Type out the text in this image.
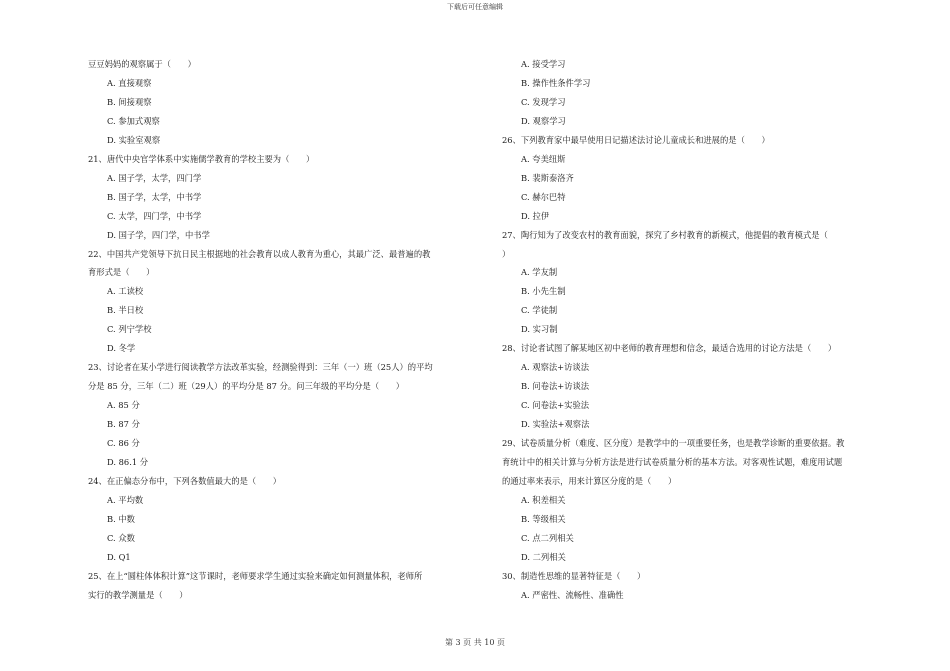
下载后可任意编辑
豆豆妈妈的观察属于（　　）
A. 直接观察
B. 间接观察
C. 参加式观察
D. 实验室观察
21、唐代中央官学体系中实施儒学教育的学校主要为（　　）
A. 国子学，太学，四门学
B. 国子学，太学，中书学
C. 太学，四门学，中书学
D. 国子学，四门学，中书学
22、中国共产党领导下抗日民主根据地的社会教育以成人教育为重心，其最广泛、最普遍的教
育形式是（　　）
A. 工读校
B. 半日校
C. 列宁学校
D. 冬学
23、讨论者在某小学进行阅读教学方法改革实验，经测验得到：三年（一）班（25人）的平均
分是 85 分，三年（二）班（29人）的平均分是 87 分。问三年级的平均分是（　　）
A. 85 分
B. 87 分
C. 86 分
D. 86.1 分
24、在正偏态分布中，下列各数值最大的是（　　）
A. 平均数
B. 中数
C. 众数
D. Q1
25、在上“圆柱体体积计算”这节课时，老师要求学生通过实验来确定如何测量体积，老师所
实行的教学测量是（　　）
A. 接受学习
B. 操作性条件学习
C. 发现学习
D. 观察学习
26、下列教育家中最早使用日记描述法讨论儿童成长和进展的是（　　）
A. 夸美纽斯
B. 裴斯泰洛齐
C. 赫尔巴特
D. 拉伊
27、陶行知为了改变农村的教育面貌，探究了乡村教育的新模式，他提倡的教育模式是（
）
A. 学友制
B. 小先生制
C. 学徒制
D. 实习制
28、讨论者试图了解某地区初中老师的教育理想和信念，最适合选用的讨论方法是（　　）
A. 观察法+访谈法
B. 问卷法+访谈法
C. 问卷法+实验法
D. 实验法+观察法
29、试卷质量分析（难度、区分度）是教学中的一项重要任务，也是教学诊断的重要依据。教
育统计中的相关计算与分析方法是进行试卷质量分析的基本方法。对客观性试题，难度用试题
的通过率来表示，用来计算区分度的是（　　）
A. 积差相关
B. 等级相关
C. 点二列相关
D. 二列相关
30、制造性思维的显著特征是（　　）
A. 严密性、流畅性、准确性
第 3 页 共 10 页
